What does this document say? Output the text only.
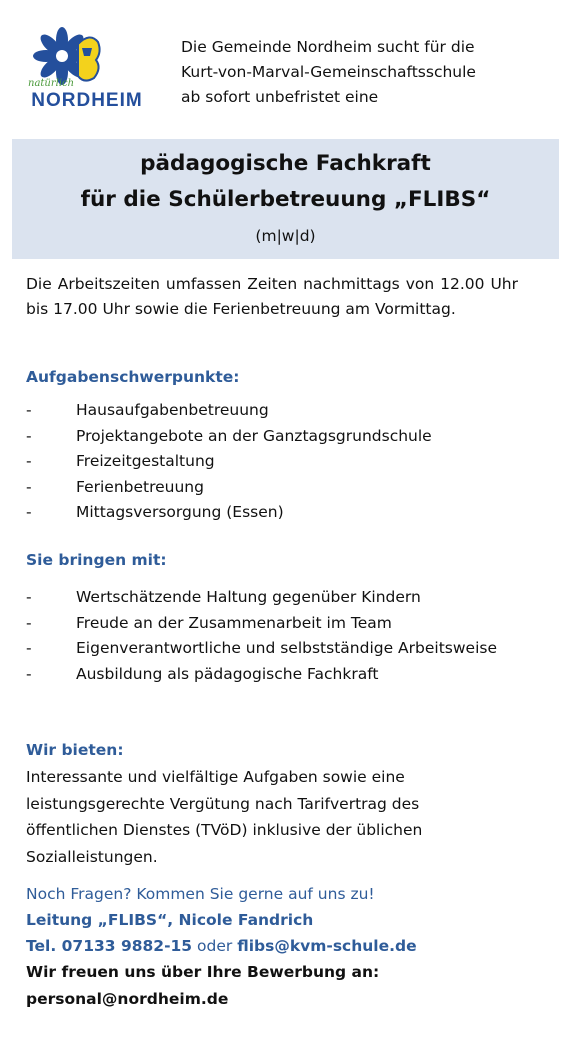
natürlich
NORDHEIM
Die Gemeinde Nordheim sucht für die
Kurt-von-Marval-Gemeinschaftsschule
ab sofort unbefristet eine
pädagogische Fachkraft
für die Schülerbetreuung „FLIBS“
(m|w|d)
Die Arbeitszeiten umfassen Zeiten nachmittags von 12.00 Uhr bis 17.00 Uhr sowie die Ferienbetreuung am Vormittag.
Aufgabenschwerpunkte:
-	Hausaufgabenbetreuung
-	Projektangebote an der Ganztagsgrundschule
-	Freizeitgestaltung
-	Ferienbetreuung
-	Mittagsversorgung (Essen)
Sie bringen mit:
-	Wertschätzende Haltung gegenüber Kindern
-	Freude an der Zusammenarbeit im Team
-	Eigenverantwortliche und selbstständige Arbeitsweise
-	Ausbildung als pädagogische Fachkraft
Wir bieten:
Interessante und vielfältige Aufgaben sowie eine leistungsgerechte Vergütung nach Tarifvertrag des öffentlichen Dienstes (TVöD) inklusive der üblichen Sozialleistungen.
Noch Fragen? Kommen Sie gerne auf uns zu!
Leitung „FLIBS“, Nicole Fandrich
Tel. 07133 9882-15 oder flibs@kvm-schule.de
Wir freuen uns über Ihre Bewerbung an:
personal@nordheim.de
